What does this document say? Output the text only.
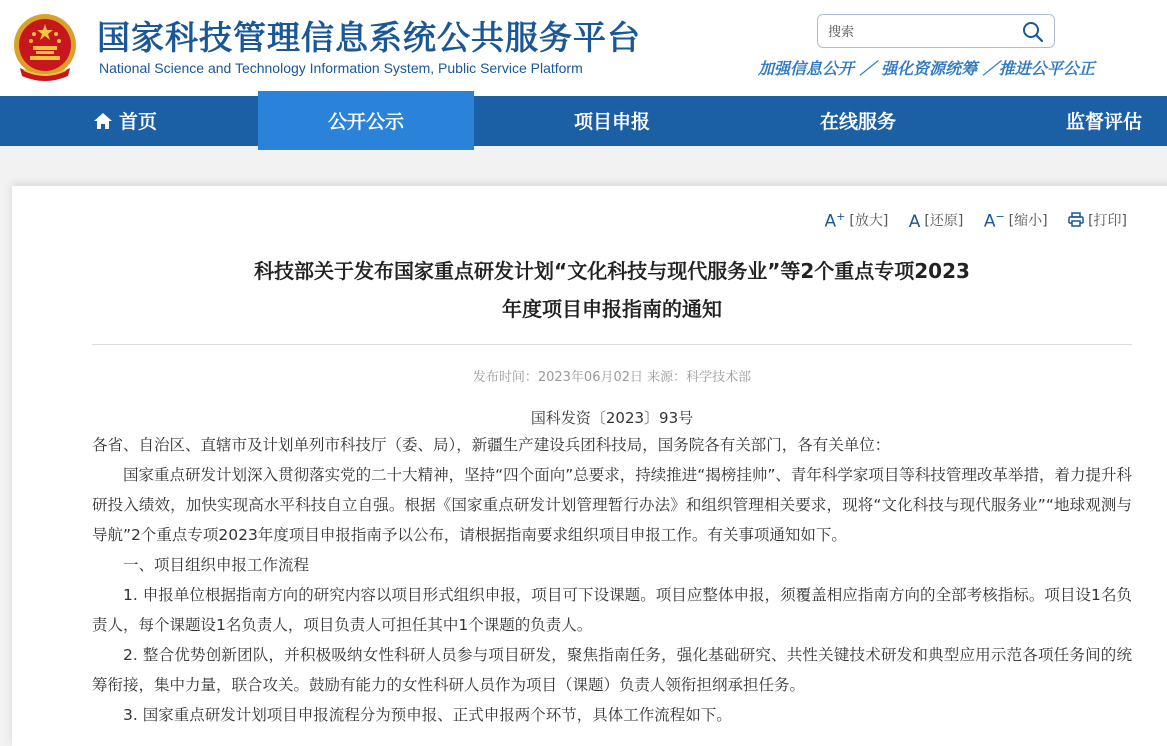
国家科技管理信息系统公共服务平台
National Science and Technology Information System, Public Service Platform
搜索	加强信息公开 ／ 强化资源统筹 ／推进公平公正
首页	公开公示	项目申报	在线服务	监督评估
A+ [放大] A [还原] A− [缩小]	[打印]
科技部关于发布国家重点研发计划“文化科技与现代服务业”等2个重点专项2023
年度项目申报指南的通知
发布时间：2023年06月02日 来源：科学技术部
国科发资〔2023〕93号

各省、自治区、直辖市及计划单列市科技厅（委、局），新疆生产建设兵团科技局，国务院各有关部门，各有关单位：

国家重点研发计划深入贯彻落实党的二十大精神，坚持“四个面向”总要求，持续推进“揭榜挂帅”、青年科学家项目等科技管理改革举措，着力提升科研投入绩效，加快实现高水平科技自立自强。根据《国家重点研发计划管理暂行办法》和组织管理相关要求，现将“文化科技与现代服务业”“地球观测与导航”2个重点专项2023年度项目申报指南予以公布，请根据指南要求组织项目申报工作。有关事项通知如下。

一、项目组织申报工作流程

1. 申报单位根据指南方向的研究内容以项目形式组织申报，项目可下设课题。项目应整体申报，须覆盖相应指南方向的全部考核指标。项目设1名负责人，每个课题设1名负责人，项目负责人可担任其中1个课题的负责人。

2. 整合优势创新团队，并积极吸纳女性科研人员参与项目研发，聚焦指南任务，强化基础研究、共性关键技术研发和典型应用示范各项任务间的统筹衔接，集中力量，联合攻关。鼓励有能力的女性科研人员作为项目（课题）负责人领衔担纲承担任务。

3. 国家重点研发计划项目申报流程分为预申报、正式申报两个环节，具体工作流程如下。
